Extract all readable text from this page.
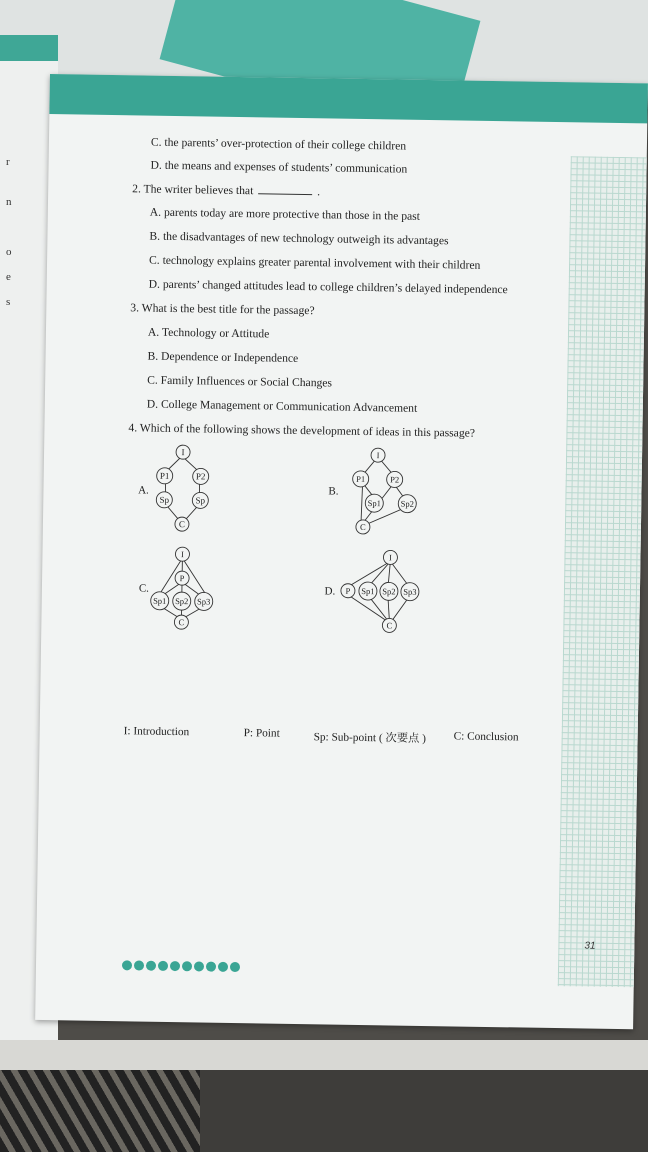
r
n
o
e
s
Day 2
C. the parents’ over-protection of their college children
D. the means and expenses of students’ communication
2. The writer believes that	.
A. parents today are more protective than those in the past
B. the disadvantages of new technology outweigh its advantages
C. technology explains greater parental involvement with their children
D. parents’ changed attitudes lead to college children’s delayed independence
3. What is the best title for the passage?
A. Technology or Attitude
B. Dependence or Independence
C. Family Influences or Social Changes
D. College Management or Communication Advancement
4. Which of the following shows the development of ideas in this passage?
A.
I
P1	P2
Sp	Sp
C
B.
I
P1	P2
Sp1 Sp2
C
C.
I
P
Sp1 Sp2 Sp3
C
D.
I
P Sp1 Sp2 Sp3
C
I: Introduction	P: Point	Sp: Sub-point ( 次要点 ) C: Conclusion
31
